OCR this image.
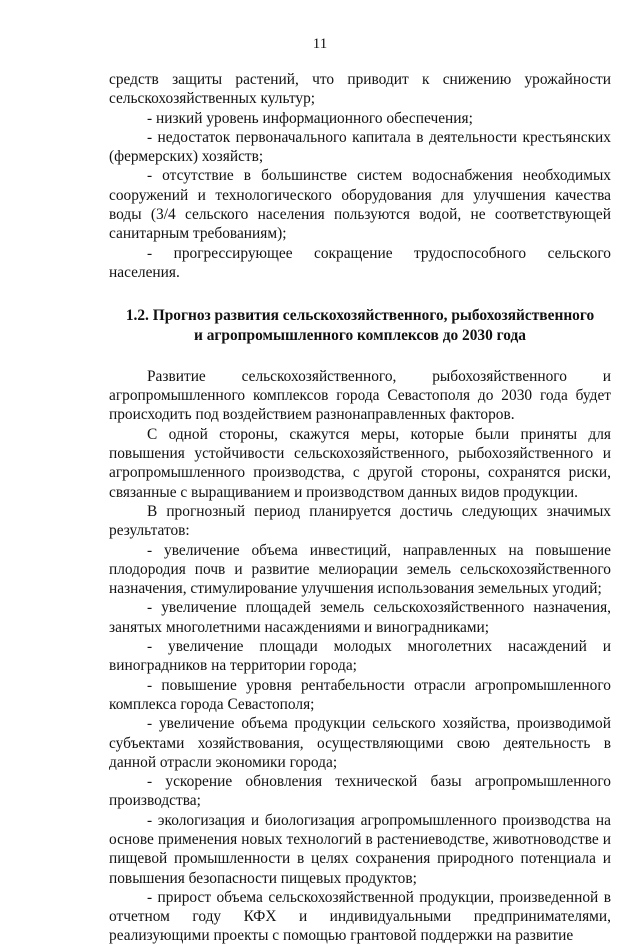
11

средств защиты растений, что приводит к снижению урожайности сельскохозяйственных культур;

- низкий уровень информационного обеспечения;

- недостаток первоначального капитала в деятельности крестьянских (фермерских) хозяйств;

- отсутствие в большинстве систем водоснабжения необходимых сооружений и технологического оборудования для улучшения качества воды (3/4 сельского населения пользуются водой, не соответствующей санитарным требованиям);

- прогрессирующее сокращение трудоспособного сельского населения.

1.2. Прогноз развития сельскохозяйственного, рыбохозяйственного
и агропромышленного комплексов до 2030 года

Развитие сельскохозяйственного, рыбохозяйственного и агропромышленного комплексов города Севастополя до 2030 года будет происходить под воздействием разнонаправленных факторов.

С одной стороны, скажутся меры, которые были приняты для повышения устойчивости сельскохозяйственного, рыбохозяйственного и агропромышленного производства, с другой стороны, сохранятся риски, связанные с выращиванием и производством данных видов продукции.

В прогнозный период планируется достичь следующих значимых результатов:

- увеличение объема инвестиций, направленных на повышение плодородия почв и развитие мелиорации земель сельскохозяйственного назначения, стимулирование улучшения использования земельных угодий;

- увеличение площадей земель сельскохозяйственного назначения, занятых многолетними насаждениями и виноградниками;

- увеличение площади молодых многолетних насаждений и виноградников на территории города;

- повышение уровня рентабельности отрасли агропромышленного комплекса города Севастополя;

- увеличение объема продукции сельского хозяйства, производимой субъектами хозяйствования, осуществляющими свою деятельность в данной отрасли экономики города;

- ускорение обновления технической базы агропромышленного производства;

- экологизация и биологизация агропромышленного производства на основе применения новых технологий в растениеводстве, животноводстве и пищевой промышленности в целях сохранения природного потенциала и повышения безопасности пищевых продуктов;

- прирост объема сельскохозяйственной продукции, произведенной в отчетном году КФХ и индивидуальными предпринимателями, реализующими проекты с помощью грантовой поддержки на развитие
